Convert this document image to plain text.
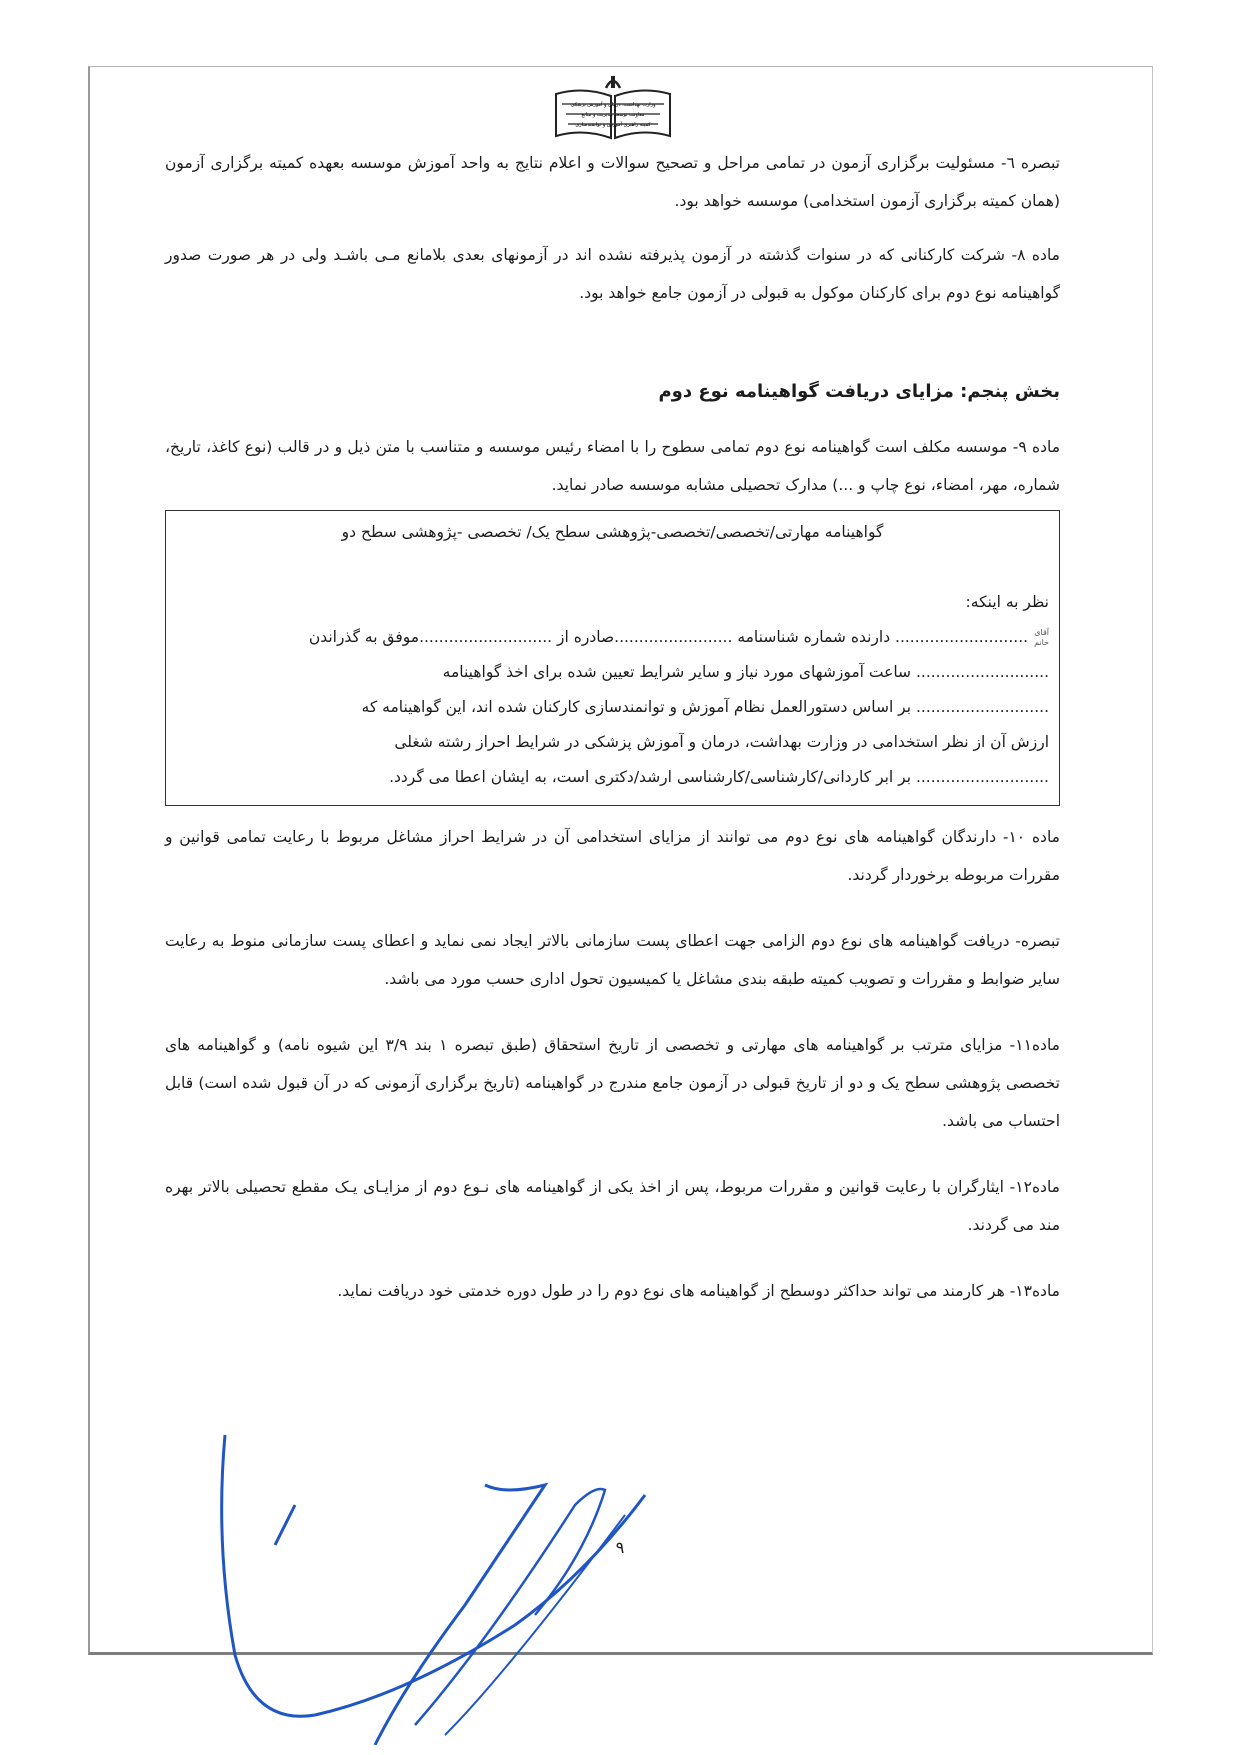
وزارت بهداشت، درمان و آموزش پزشکی
معاونت توسعه مدیریت و منابع
کمیته راهبری آموزش و توانمندسازی

تبصره ٦- مسئولیت برگزاری آزمون در تمامی مراحل و تصحیح سوالات و اعلام نتایج به واحد آموزش موسسه بعهده کمیته برگزاری آزمون (همان کمیته برگزاری آزمون استخدامی) موسسه خواهد بود.

ماده ٨- شرکت کارکنانی که در سنوات گذشته در آزمون پذیرفته نشده اند در آزمونهای بعدی بلامانع مـی باشـد ولی در هر صورت صدور گواهینامه نوع دوم برای کارکنان موکول به قبولی در آزمون جامع خواهد بود.

بخش پنجم: مزایای دریافت گواهینامه نوع دوم

ماده ٩- موسسه مکلف است گواهینامه نوع دوم تمامی سطوح را با امضاء رئیس موسسه و متناسب با متن ذیل و در قالب (نوع کاغذ، تاریخ، شماره، مهر، امضاء، نوع چاپ و ...) مدارک تحصیلی مشابه موسسه صادر نماید.

گواهینامه مهارتی/تخصصی/تخصصی-پژوهشی سطح یک/ تخصصی -پژوهشی سطح دو

نظر به اینکه:

آقای
خانم
........................... دارنده شماره شناسنامه ........................صادره از ...........................موفق به گذراندن

........................... ساعت آموزشهای مورد نیاز و سایر شرایط تعیین شده برای اخذ گواهینامه

........................... بر اساس دستورالعمل نظام آموزش و توانمندسازی کارکنان شده اند، این گواهینامه که

ارزش آن از نظر استخدامی در وزارت بهداشت، درمان و آموزش پزشکی در شرایط احراز رشته شغلی

........................... بر ابر کاردانی/کارشناسی/کارشناسی ارشد/دکتری است، به ایشان اعطا می گردد.

ماده ١٠- دارندگان گواهینامه های نوع دوم می توانند از مزایای استخدامی آن در شرایط احراز مشاغل مربوط با رعایت تمامی قوانین و مقررات مربوطه برخوردار گردند.

تبصره- دریافت گواهینامه های نوع دوم الزامی جهت اعطای پست سازمانی بالاتر ایجاد نمی نماید و اعطای پست سازمانی منوط به رعایت سایر ضوابط و مقررات و تصویب کمیته طبقه بندی مشاغل یا کمیسیون تحول اداری حسب مورد می باشد.

ماده١١- مزایای مترتب بر گواهینامه های مهارتی و تخصصی از تاریخ استحقاق (طبق تبصره ١ بند ٣/٩ این شیوه نامه) و گواهینامه های تخصصی پژوهشی سطح یک و دو از تاریخ قبولی در آزمون جامع مندرج در گواهینامه (تاریخ برگزاری آزمونی که در آن قبول شده است) قابل احتساب می باشد.

ماده١٢- ایثارگران با رعایت قوانین و مقررات مربوط، پس از اخذ یکی از گواهینامه های نـوع دوم از مزایـای یـک مقطع تحصیلی بالاتر بهره مند می گردند.

ماده١٣- هر کارمند می تواند حداکثر دوسطح از گواهینامه های نوع دوم را در طول دوره خدمتی خود دریافت نماید.

٩
